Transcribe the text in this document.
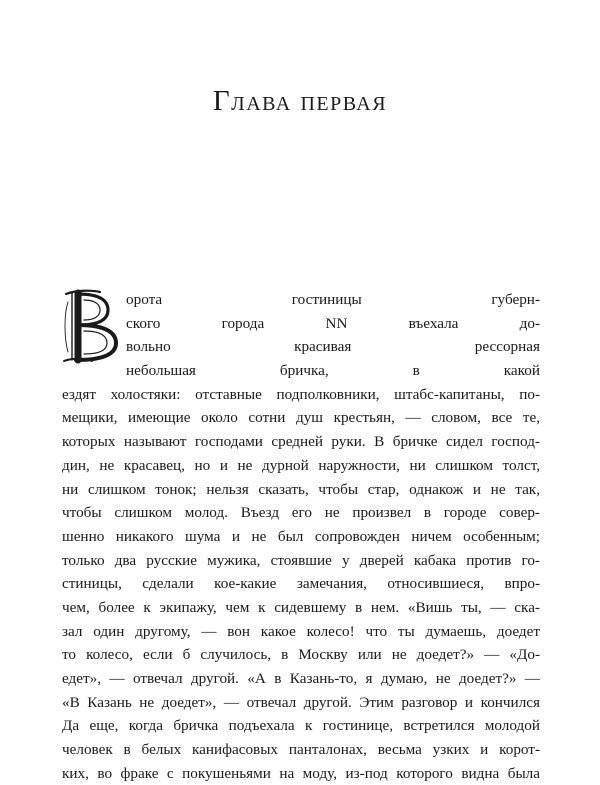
Глава первая
орота гостиницы губерн-
ского города NN въехала до-
вольно красивая рессорная
небольшая бричка, в какой
ездят холостяки: отставные подполковники, штабс-капитаны, по-
мещики, имеющие около сотни душ крестьян, — словом, все те,
которых называют господами средней руки. В бричке сидел господ-
дин, не красавец, но и не дурной наружности, ни слишком толст,
ни слишком тонок; нельзя сказать, чтобы стар, однакож и не так,
чтобы слишком молод. Въезд его не произвел в городе совер-
шенно никакого шума и не был сопровожден ничем особенным;
только два русские мужика, стоявшие у дверей кабака против го-
стиницы, сделали кое-какие замечания, относившиеся, впро-
чем, более к экипажу, чем к сидевшему в нем. «Вишь ты, — ска-
зал один другому, — вон какое колесо! что ты думаешь, доедет
то колесо, если б случилось, в Москву или не доедет?» — «До-
едет», — отвечал другой. «А в Казань-то, я думаю, не доедет?» —
«В Казань не доедет», — отвечал другой. Этим разговор и кончился
Да еще, когда бричка подъехала к гостинице, встретился молодой
человек в белых канифасовых панталонах, весьма узких и корот-
ких, во фраке с покушеньями на моду, из-под которого видна была
